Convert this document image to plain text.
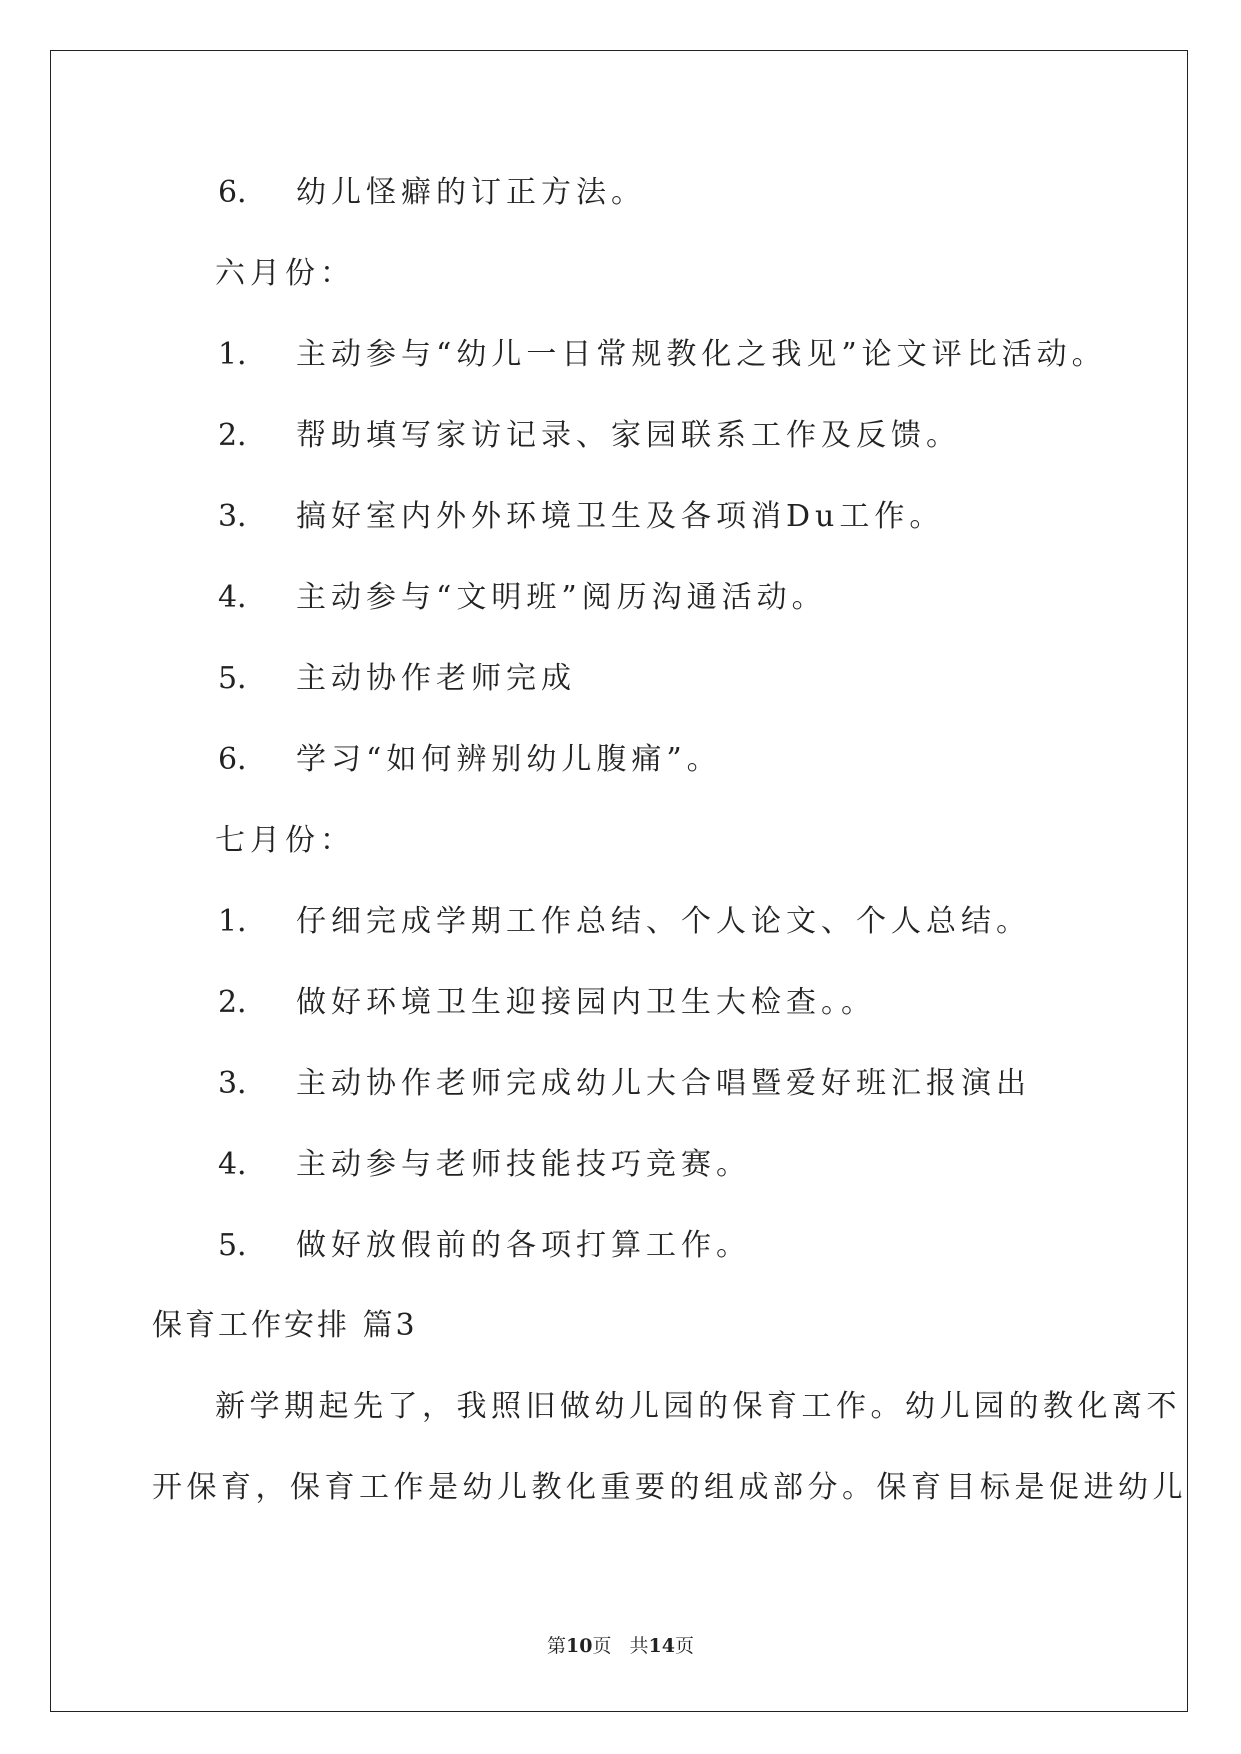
6． 幼儿怪癖的订正方法。
六月份：
1． 主动参与“幼儿一日常规教化之我见”论文评比活动。
2． 帮助填写家访记录、家园联系工作及反馈。
3． 搞好室内外外环境卫生及各项消Du工作。
4． 主动参与“文明班”阅历沟通活动。
5． 主动协作老师完成
6． 学习“如何辨别幼儿腹痛”。
七月份：
1． 仔细完成学期工作总结、个人论文、个人总结。
2． 做好环境卫生迎接园内卫生大检查。。
3． 主动协作老师完成幼儿大合唱暨爱好班汇报演出
4． 主动参与老师技能技巧竞赛。
5． 做好放假前的各项打算工作。
保育工作安排 篇3
新学期起先了，我照旧做幼儿园的保育工作。幼儿园的教化离不
开保育，保育工作是幼儿教化重要的组成部分。保育目标是促进幼儿
第10页 共14页
